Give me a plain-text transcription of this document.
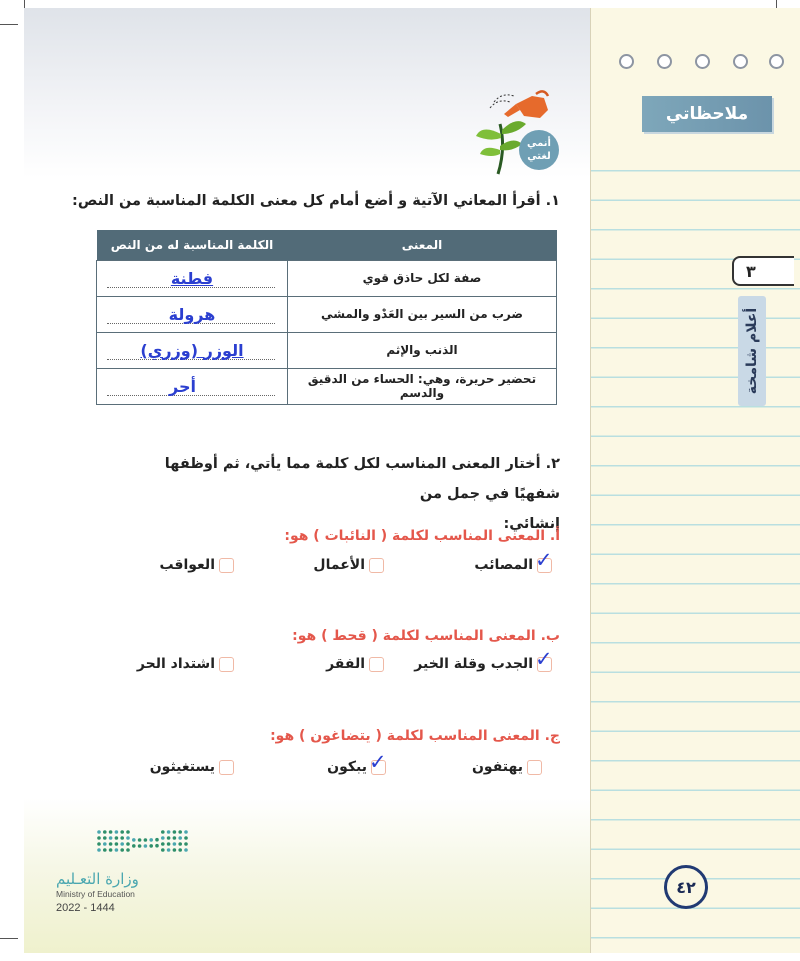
ملاحظاتي
٣
أعلام شامخة
٤٢
أنمي
لغتي
١. أقرأ المعاني الآتية و أضع أمام كل معنى الكلمة المناسبة من النص:
المعنى	الكلمة المناسبة له من النص
صفة لكل حاذق قوي	فطنة

ضرب من السير بين العَدْو والمشي	هرولة

الذنب والإثم	الوزر (وزري)

تحضير حريرة، وهي: الحساء من الدقيق والدسم	أحر
٢. أختار المعنى المناسب لكل كلمة مما يأتي، ثم أوظفها شفهيًا في جمل من
إنشائي:
أ. المعنى المناسب لكلمة ( النائبات ) هو:
✓
المصائب
الأعمال
العواقب
ب. المعنى المناسب لكلمة ( قحط ) هو:
✓
الجدب وقلة الخير
الفقر
اشتداد الحر
ج. المعنى المناسب لكلمة ( يتضاغون ) هو:
يهتفون
✓
يبكون
يستغيثون
وزارة التعـليم
Ministry of Education
2022 - 1444
